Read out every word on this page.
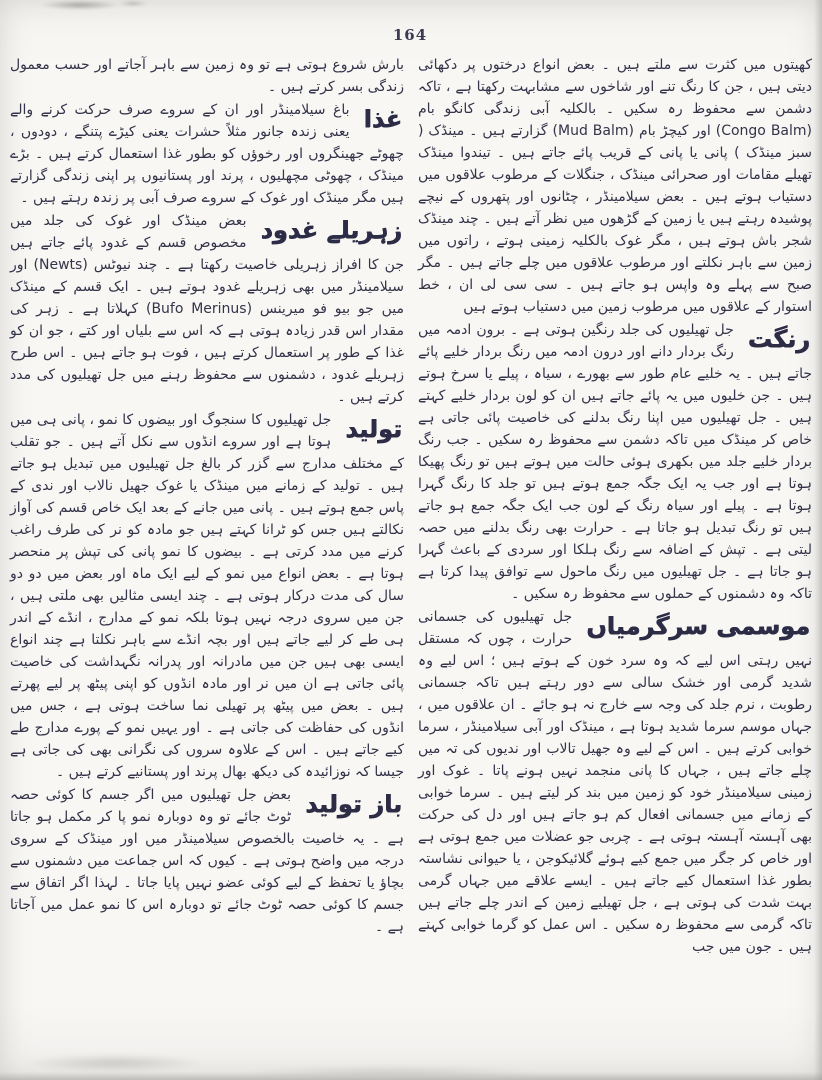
164

کھیتوں میں کثرت سے ملتے ہیں ۔ بعض انواع درختوں پر دکھائی دیتی ہیں ، جن کا رنگ تنے اور شاخوں سے مشابہت رکھتا ہے ، تاکہ دشمن سے محفوظ رہ سکیں ۔ بالکلیہ آبی زندگی کانگو بام (Congo Balm) اور کیچڑ بام (Mud Balm) گزارتے ہیں ۔ مینڈک ( سبز مینڈک ) پانی یا پانی کے قریب پائے جاتے ہیں ۔ تیندوا مینڈک تھیلے مقامات اور صحرائی مینڈک ، جنگلات کے مرطوب علاقوں میں دستیاب ہوتے ہیں ۔ بعض سیلامینڈر ، چٹانوں اور پتھروں کے نیچے پوشیدہ رہتے ہیں یا زمین کے گڑھوں میں نظر آتے ہیں ۔ چند مینڈک شجر باش ہوتے ہیں ، مگر غوک بالکلیہ زمینی ہوتے ، راتوں میں زمین سے باہر نکلتے اور مرطوب علاقوں میں چلے جاتے ہیں ۔ مگر صبح سے پہلے وہ واپس ہو جاتے ہیں ۔ سی سی لی ان ، خط استوار کے علاقوں میں مرطوب زمین میں دستیاب ہوتے ہیں

رنگت
جل تھیلیوں کی جلد رنگین ہوتی ہے ۔ برون ادمہ میں رنگ بردار دانے اور درون ادمہ میں رنگ بردار خلیے پائے جاتے ہیں ۔ یہ خلیے عام طور سے بھورے ، سیاہ ، پیلے یا سرخ ہوتے ہیں ۔ جن خلیوں میں یہ پائے جاتے ہیں ان کو لون بردار خلیے کہتے ہیں ۔ جل تھیلیوں میں اپنا رنگ بدلنے کی خاصیت پائی جاتی ہے خاص کر مینڈک میں تاکہ دشمن سے محفوظ رہ سکیں ۔ جب رنگ بردار خلیے جلد میں بکھری ہوئی حالت میں ہوتے ہیں تو رنگ پھیکا ہوتا ہے اور جب یہ ایک جگہ جمع ہوتے ہیں تو جلد کا رنگ گہرا ہوتا ہے ۔ پیلے اور سیاہ رنگ کے لون جب ایک جگہ جمع ہو جاتے ہیں تو رنگ تبدیل ہو جاتا ہے ۔ حرارت بھی رنگ بدلنے میں حصہ لیتی ہے ۔ تپش کے اضافہ سے رنگ ہلکا اور سردی کے باعث گہرا ہو جاتا ہے ۔ جل تھیلیوں میں رنگ ماحول سے توافق پیدا کرتا ہے تاکہ وہ دشمنوں کے حملوں سے محفوظ رہ سکیں ۔

موسمی سرگرمیاں
جل تھیلیوں کی جسمانی حرارت ، چوں کہ مستقل نہیں رہتی اس لیے کہ وہ سرد خون کے ہوتے ہیں ؛ اس لیے وہ شدید گرمی اور خشک سالی سے دور رہتے ہیں تاکہ جسمانی رطوبت ، نرم جلد کی وجہ سے خارج نہ ہو جائے ۔ ان علاقوں میں ، جہاں موسم سرما شدید ہوتا ہے ، مینڈک اور آبی سیلامینڈر ، سرما خوابی کرتے ہیں ۔ اس کے لیے وہ جھیل تالاب اور ندیوں کی تہ میں چلے جاتے ہیں ، جہاں کا پانی منجمد نہیں ہونے پاتا ۔ غوک اور زمینی سیلامینڈر خود کو زمین میں بند کر لیتے ہیں ۔ سرما خوابی کے زمانے میں جسمانی افعال کم ہو جاتے ہیں اور دل کی حرکت بھی آہستہ آہستہ ہوتی ہے ۔ چربی جو عضلات میں جمع ہوتی ہے اور خاص کر جگر میں جمع کیے ہوئے گلائیکوجن ، یا حیوانی نشاستہ بطور غذا استعمال کیے جاتے ہیں ۔ ایسے علاقے میں جہاں گرمی بہت شدت کی ہوتی ہے ، جل تھیلیے زمین کے اندر چلے جاتے ہیں تاکہ گرمی سے محفوظ رہ سکیں ۔ اس عمل کو گرما خوابی کہتے ہیں ۔ جون میں جب

بارش شروع ہوتی ہے تو وہ زمین سے باہر آجاتے اور حسب معمول زندگی بسر کرتے ہیں ۔

غذا
باغ سیلامینڈر اور ان کے سروے صرف حرکت کرنے والے یعنی زندہ جانور مثلاً حشرات یعنی کیڑے پتنگے ، دودوں ، چھوٹے جھینگروں اور رخوؤں کو بطور غذا استعمال کرتے ہیں ۔ بڑے مینڈک ، چھوٹی مچھلیوں ، پرند اور پستانیوں پر اپنی زندگی گزارتے ہیں مگر مینڈک اور غوک کے سروے صرف آبی پر زندہ رہتے ہیں ۔

زہریلے غدود
بعض مینڈک اور غوک کی جلد میں مخصوص قسم کے غدود پائے جاتے ہیں جن کا افراز زہریلی خاصیت رکھتا ہے ۔ چند نیوٹس (Newts) اور سیلامینڈر میں بھی زہریلے غدود ہوتے ہیں ۔ ایک قسم کے مینڈک میں جو بیو فو میرینس (Bufo Merinus) کہلاتا ہے ۔ زہر کی مقدار اس قدر زیادہ ہوتی ہے کہ اس سے بلیاں اور کتے ، جو ان کو غذا کے طور پر استعمال کرتے ہیں ، فوت ہو جاتے ہیں ۔ اس طرح زہریلے غدود ، دشمنوں سے محفوظ رہنے میں جل تھیلیوں کی مدد کرتے ہیں ۔

تولید
جل تھیلیوں کا سنجوگ اور بیضوں کا نمو ، پانی ہی میں ہوتا ہے اور سروے انڈوں سے نکل آتے ہیں ۔ جو تقلب کے مختلف مدارج سے گزر کر بالغ جل تھیلیوں میں تبدیل ہو جاتے ہیں ۔ تولید کے زمانے میں مینڈک یا غوک جھیل نالاب اور ندی کے پاس جمع ہوتے ہیں ۔ پانی میں جانے کے بعد ایک خاص قسم کی آواز نکالتے ہیں جس کو ٹرانا کہتے ہیں جو مادہ کو نر کی طرف راغب کرنے میں مدد کرتی ہے ۔ بیضوں کا نمو پانی کی تپش پر منحصر ہوتا ہے ۔ بعض انواع میں نمو کے لیے ایک ماہ اور بعض میں دو دو سال کی مدت درکار ہوتی ہے ۔ چند ایسی مثالیں بھی ملتی ہیں ، جن میں سروی درجہ نہیں ہوتا بلکہ نمو کے مدارج ، انڈے کے اندر ہی طے کر لیے جاتے ہیں اور بچہ انڈے سے باہر نکلتا ہے چند انواع ایسی بھی ہیں جن میں مادرانہ اور پدرانہ نگہداشت کی خاصیت پائی جاتی ہے ان میں نر اور مادہ انڈوں کو اپنی پیٹھ پر لیے پھرتے ہیں ۔ بعض میں پیٹھ پر تھیلی نما ساخت ہوتی ہے ، جس میں انڈوں کی حفاظت کی جاتی ہے ۔ اور یہیں نمو کے پورے مدارج طے کیے جاتے ہیں ۔ اس کے علاوہ سروں کی نگرانی بھی کی جاتی ہے جیسا کہ نوزائیدہ کی دیکھ بھال پرند اور پستانیے کرتے ہیں ۔

باز تولید
بعض جل تھیلیوں میں اگر جسم کا کوئی حصہ ٹوٹ جائے تو وہ دوبارہ نمو پا کر مکمل ہو جاتا ہے ۔ یہ خاصیت بالخصوص سیلامینڈر میں اور مینڈک کے سروی درجہ میں واضح ہوتی ہے ۔ کیوں کہ اس جماعت میں دشمنوں سے بچاؤ یا تحفظ کے لیے کوئی عضو نہیں پایا جاتا ۔ لہذا اگر اتفاق سے جسم کا کوئی حصہ ٹوٹ جائے تو دوبارہ اس کا نمو عمل میں آجاتا ہے ۔
